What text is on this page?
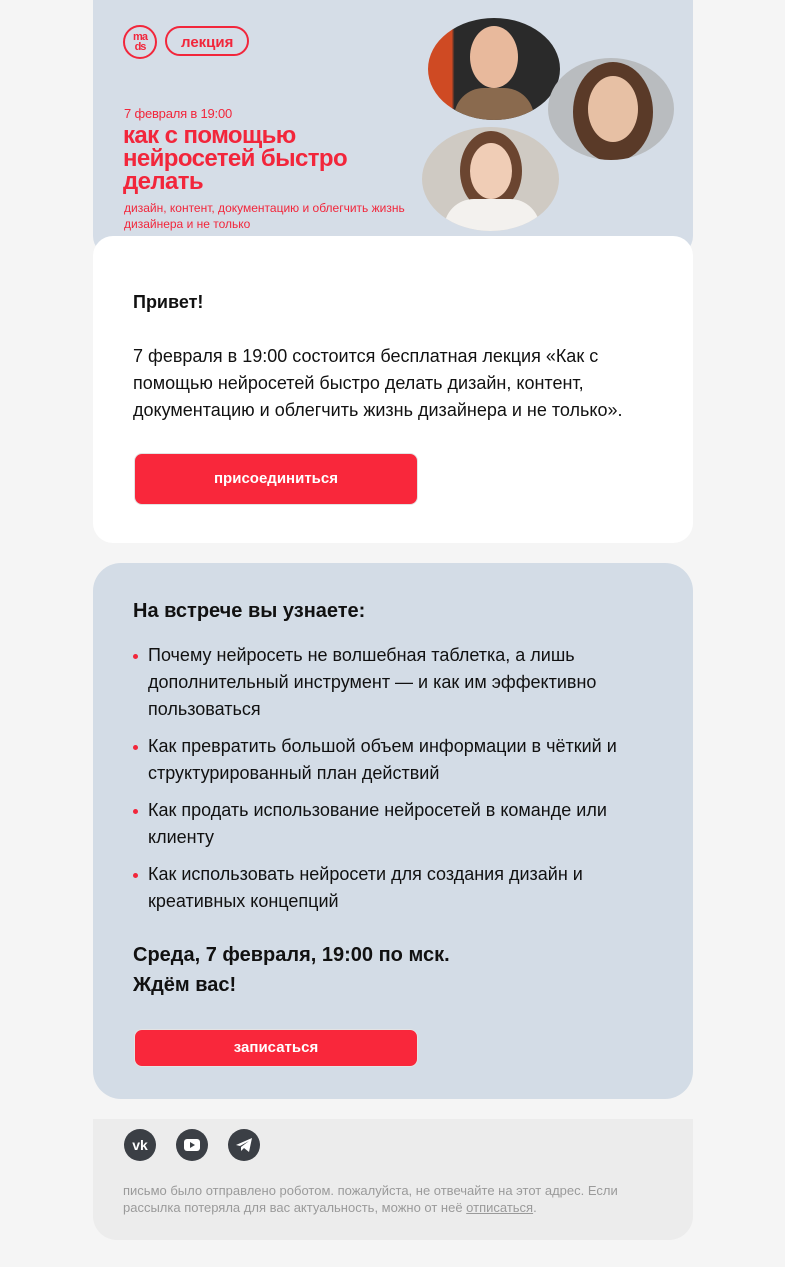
ma
ds	лекция
7 февраля в 19:00
как с помощью нейросетей быстро делать
дизайн, контент, документацию и облегчить жизнь дизайнера и не только
Привет!
7 февраля в 19:00 состоится бесплатная лекция «Как с помощью нейросетей быстро делать дизайн, контент, документацию и облегчить жизнь дизайнера и не только».
присоединиться
На встрече вы узнаете:
Почему нейросеть не волшебная таблетка, а лишь дополнительный инструмент — и как им эффективно пользоваться
Как превратить большой объем информации в чёткий и структурированный план действий
Как продать использование нейросетей в команде или клиенту
Как использовать нейросети для создания дизайн и креативных концепций
Среда, 7 февраля, 19:00 по мск.
Ждём вас!
записаться
vk
письмо было отправлено роботом. пожалуйста, не отвечайте на этот адрес. Если рассылка потеряла для вас актуальность, можно от неё отписаться.
